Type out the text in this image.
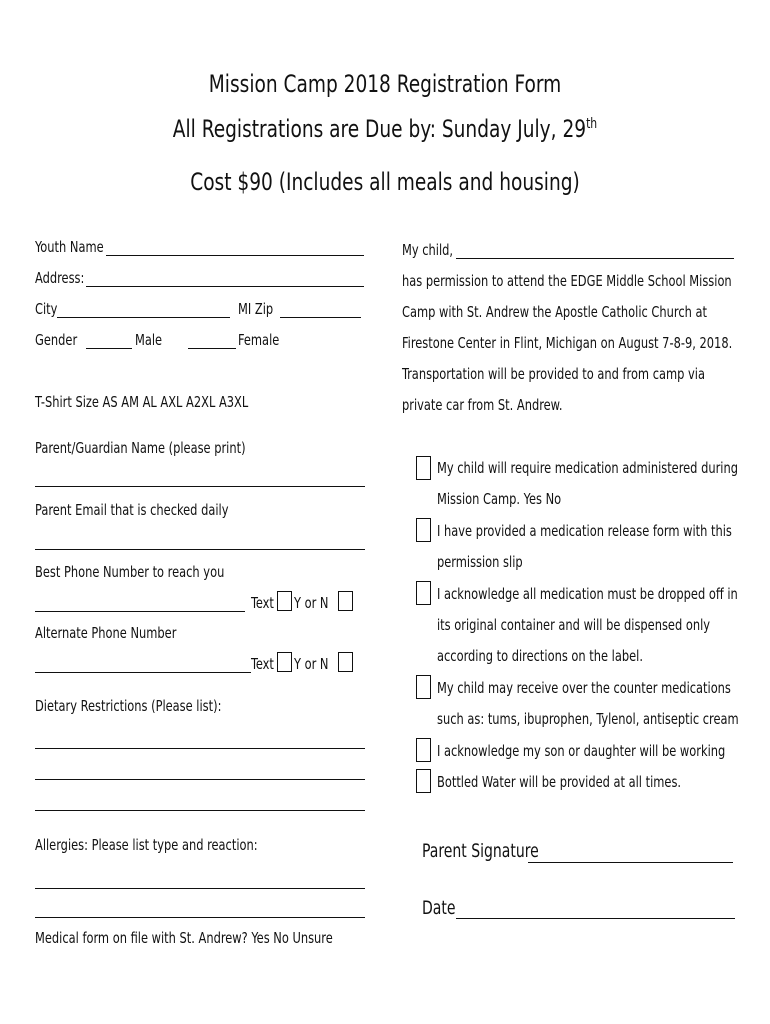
Mission Camp 2018 Registration Form
All Registrations are Due by: Sunday July, 29th
Cost $90 (Includes all meals and housing)
Youth Name
Address:
City	MI Zip
Gender	Male	Female
T-Shirt Size AS AM AL AXL A2XL A3XL
Parent/Guardian Name (please print)
Parent Email that is checked daily
Best Phone Number to reach you
Text Y or N
Alternate Phone Number
Text Y or N
Dietary Restrictions (Please list):
Allergies: Please list type and reaction:
Medical form on file with St. Andrew? Yes No Unsure
My child,
has permission to attend the EDGE Middle School Mission
Camp with St. Andrew the Apostle Catholic Church at
Firestone Center in Flint, Michigan on August 7-8-9, 2018.
Transportation will be provided to and from camp via
private car from St. Andrew.
My child will require medication administered during
Mission Camp. Yes No
I have provided a medication release form with this
permission slip
I acknowledge all medication must be dropped off in
its original container and will be dispensed only
according to directions on the label.
My child may receive over the counter medications
such as: tums, ibuprophen, Tylenol, antiseptic cream
I acknowledge my son or daughter will be working
Bottled Water will be provided at all times.
Parent Signature
Date
